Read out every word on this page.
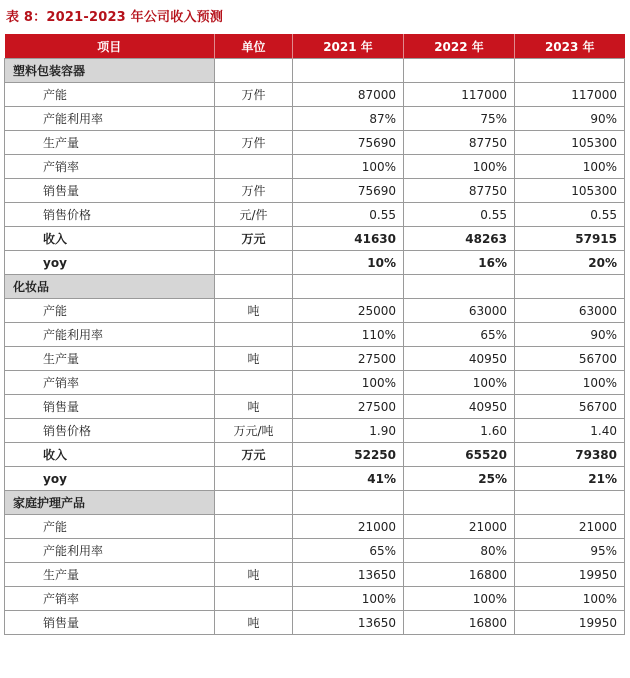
表 8：2021-2023 年公司收入预测
项目	单位	2021 年	2022 年	2023 年
塑料包装容器				
产能	万件	87000	117000	117000
产能利用率		87%	75%	90%
生产量	万件	75690	87750	105300
产销率		100%	100%	100%
销售量	万件	75690	87750	105300
销售价格	元/件	0.55	0.55	0.55
收入	万元	41630	48263	57915
yoy		10%	16%	20%
化妆品				
产能	吨	25000	63000	63000
产能利用率		110%	65%	90%
生产量	吨	27500	40950	56700
产销率		100%	100%	100%
销售量	吨	27500	40950	56700
销售价格	万元/吨	1.90	1.60	1.40
收入	万元	52250	65520	79380
yoy		41%	25%	21%
家庭护理产品				
产能		21000	21000	21000
产能利用率		65%	80%	95%
生产量	吨	13650	16800	19950
产销率		100%	100%	100%
销售量	吨	13650	16800	19950
